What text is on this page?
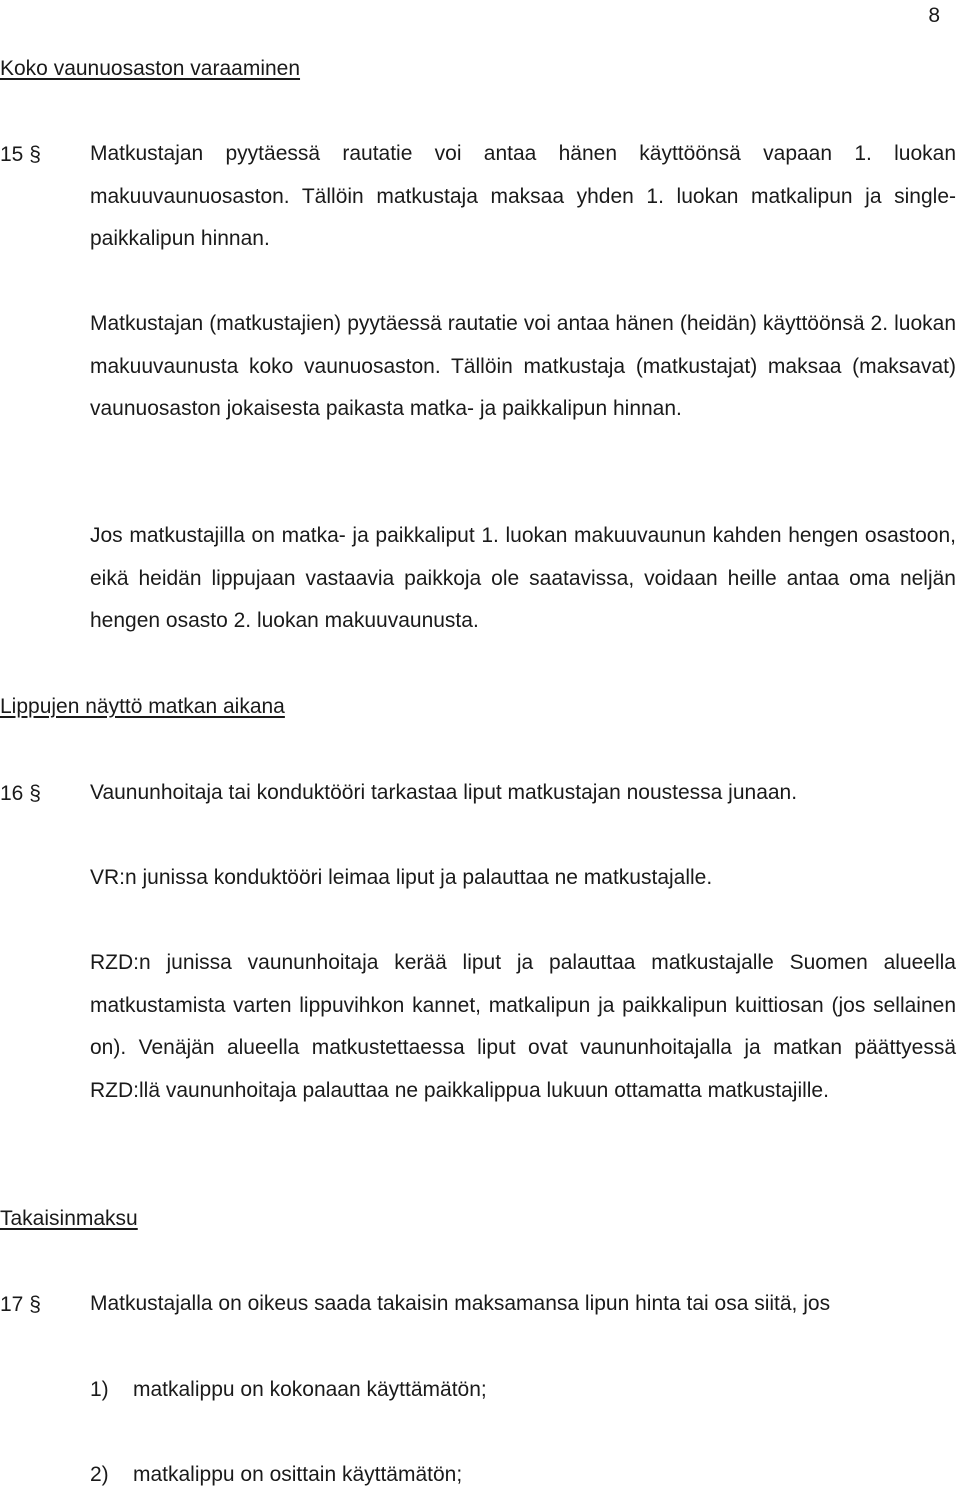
8
Koko vaunuosaston varaaminen
15 § Matkustajan pyytäessä rautatie voi antaa hänen käyttöönsä vapaan 1. luokan makuuvaunuosaston. Tällöin matkustaja maksaa yhden 1. luokan matkalipun ja single-paikkalipun hinnan.
Matkustajan (matkustajien) pyytäessä rautatie voi antaa hänen (heidän) käyttöönsä 2. luokan makuuvaunusta koko vaunuosaston. Tällöin matkustaja (matkustajat) maksaa (maksavat) vaunuosaston jokaisesta paikasta matka- ja paikkalipun hinnan.
Jos matkustajilla on matka- ja paikkaliput 1. luokan makuuvaunun kahden hengen osastoon, eikä heidän lippujaan vastaavia paikkoja ole saatavissa, voidaan heille antaa oma neljän hengen osasto 2. luokan makuuvaunusta.
Lippujen näyttö matkan aikana
16 § Vaununhoitaja tai konduktööri tarkastaa liput matkustajan noustessa junaan.
VR:n junissa konduktööri leimaa liput ja palauttaa ne matkustajalle.
RZD:n junissa vaununhoitaja kerää liput ja palauttaa matkustajalle Suomen alueella matkustamista varten lippuvihkon kannet, matkalipun ja paikkalipun kuittiosan (jos sellainen on). Venäjän alueella matkustettaessa liput ovat vaununhoitajalla ja matkan päättyessä RZD:llä vaununhoitaja palauttaa ne paikkalippua lukuun ottamatta matkustajille.
Takaisinmaksu
17 § Matkustajalla on oikeus saada takaisin maksamansa lipun hinta tai osa siitä, jos
1) matkalippu on kokonaan käyttämätön;
2) matkalippu on osittain käyttämätön;
